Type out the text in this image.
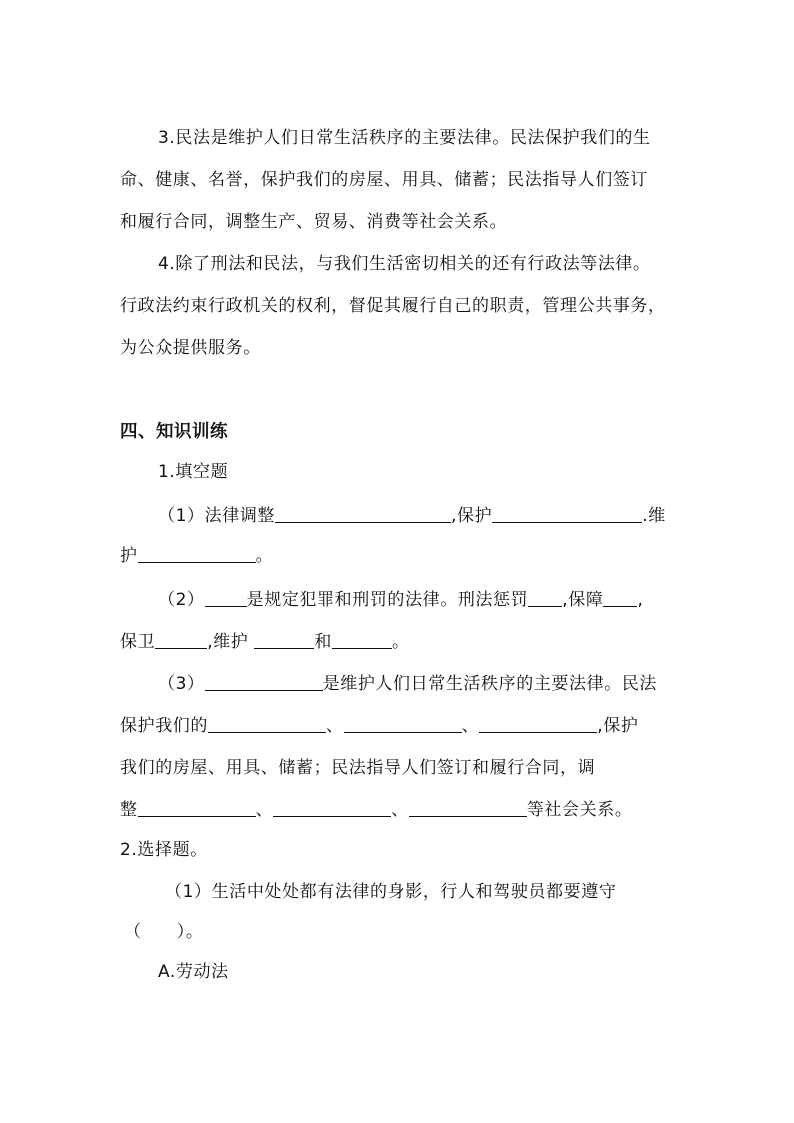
3.民法是维护人们日常生活秩序的主要法律。民法保护我们的生
命、健康、名誉，保护我们的房屋、用具、储蓄；民法指导人们签订
和履行合同，调整生产、贸易、消费等社会关系。
4.除了刑法和民法，与我们生活密切相关的还有行政法等法律。
行政法约束行政机关的权利，督促其履行自己的职责，管理公共事务，
为公众提供服务。
四、知识训练
1.填空题
（1）法律调整	,保护	.维
护	。
（2） 是规定犯罪和刑罚的法律。刑法惩罚 ,保障 ,
保卫	,维护	和	。
（3）	是维护人们日常生活秩序的主要法律。民法
保护我们的	、	、	,保护
我们的房屋、用具、储蓄；民法指导人们签订和履行合同，调
整	、	、	等社会关系。
2.选择题。
（1）生活中处处都有法律的身影，行人和驾驶员都要遵守
（　　）。
A.劳动法
